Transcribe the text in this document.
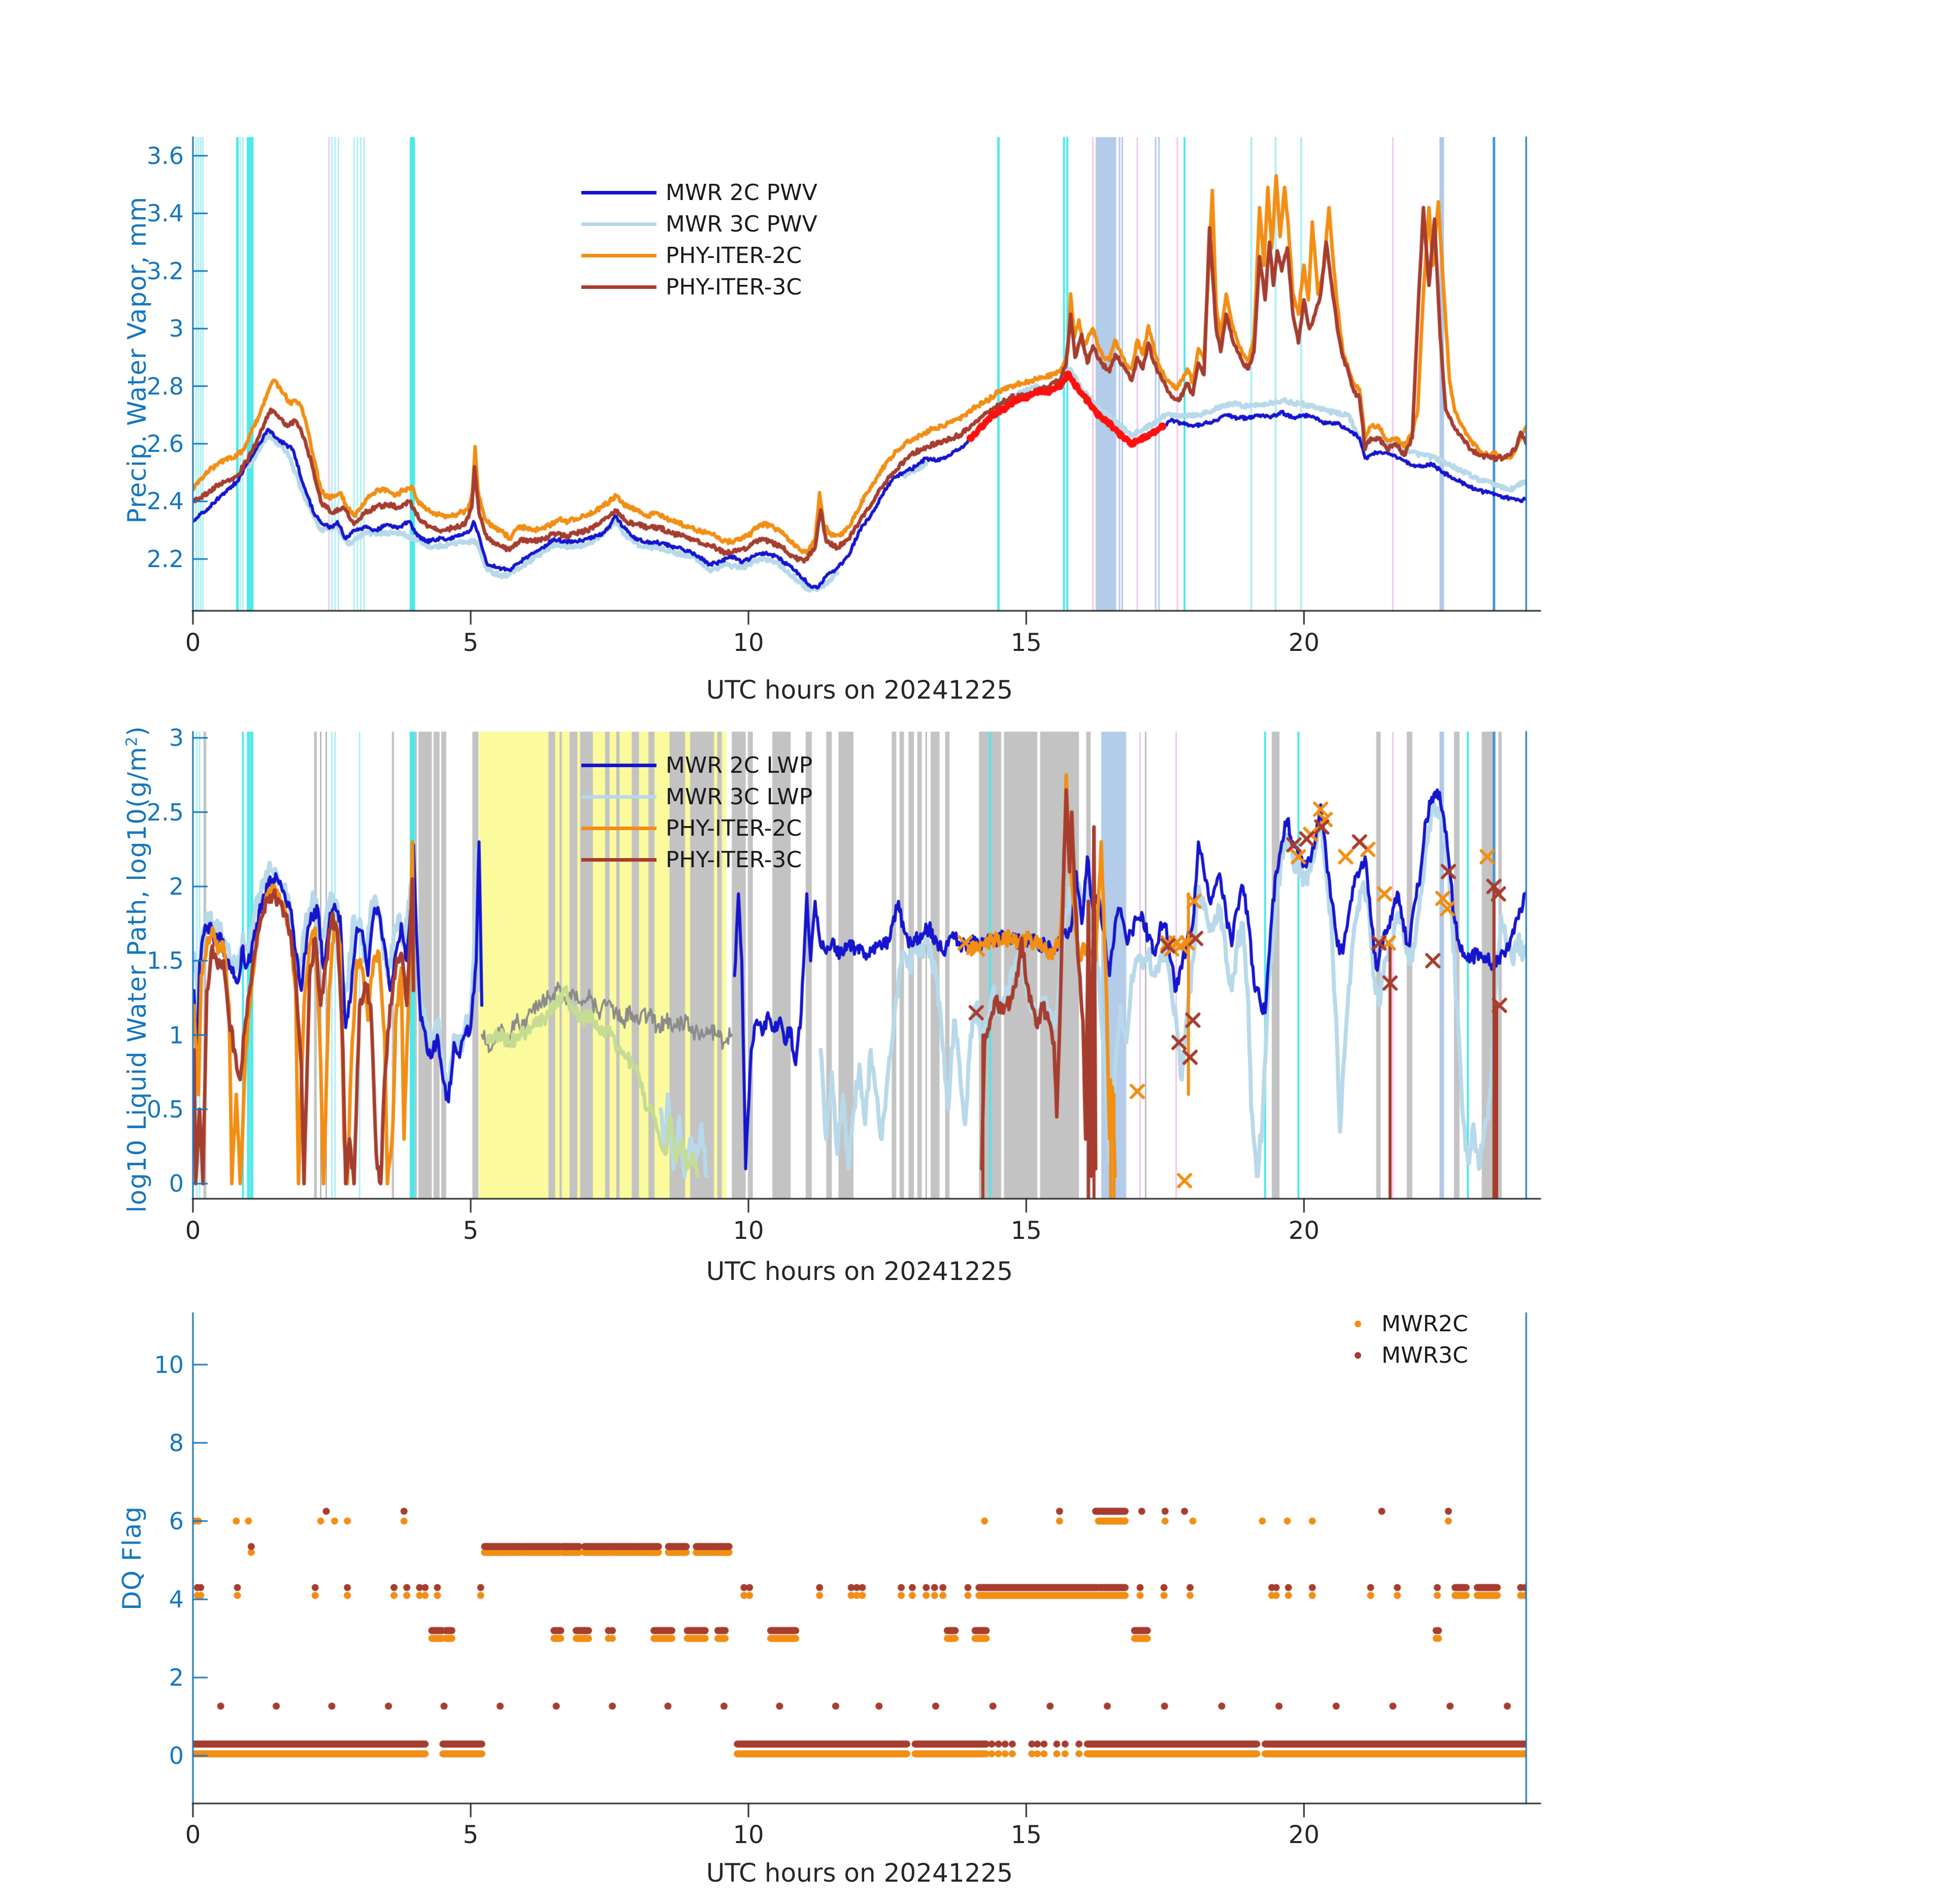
Precip. Water Vapor, mm
log10 Liquid Water Path, $\log 10(g/m^2)$
DQ Flag
UTC hours on 20241225
UTC hours on 20241225
UTC hours on 20241225
MWR 2C PWV
MWR 3C PWV
PHY-ITER-2C
PHY-ITER-3C
MWR 2C LWP
MWR 3C LWP
PHY-ITER-2C
PHY-ITER-3C
MWR2C
MWR3C
2.2
2.4
2.6
2.8
3
3.2
3.4
3.6
0	5	10	15	20
0
0.5
1
1.5
2
2.5
3
0	5	10	15	20
0
2
4
6
8
10
0	5	10	15	20
